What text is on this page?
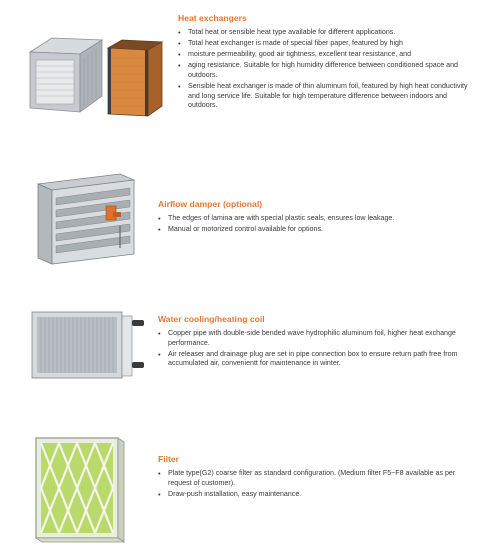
Heat exchangers
• Total heat or sensible heat type available for different applications.
• Total heat exchanger is made of special fiber paper, featured by high
• moisture permeability, good air tightness, excellent tear resistance, and
• aging resistance. Suitable for high humidity difference between conditioned space and outdoors.
• Sensible heat exchanger is made of thin aluminum foil, featured by high heat conductivity and long service life. Suitable for high temperature difference between indoors and outdoors.
Airflow damper (optional)
• The edges of lamina are with special plastic seals, ensures low leakage.
• Manual or motorized control available for options.
Water cooling/heating coil
• Copper pipe with double-side bended wave hydrophilic aluminum foil, higher heat exchange performance.
• Air releaser and drainage plug are set in pipe connection box to ensure return path free from accumulated air, convenientt for maintenance in winter.
Filter
• Plate type(G2) coarse filter as standard configuration. (Medium filter F5~F8 available as per request of customer).
• Draw-push installation, easy maintenance.
